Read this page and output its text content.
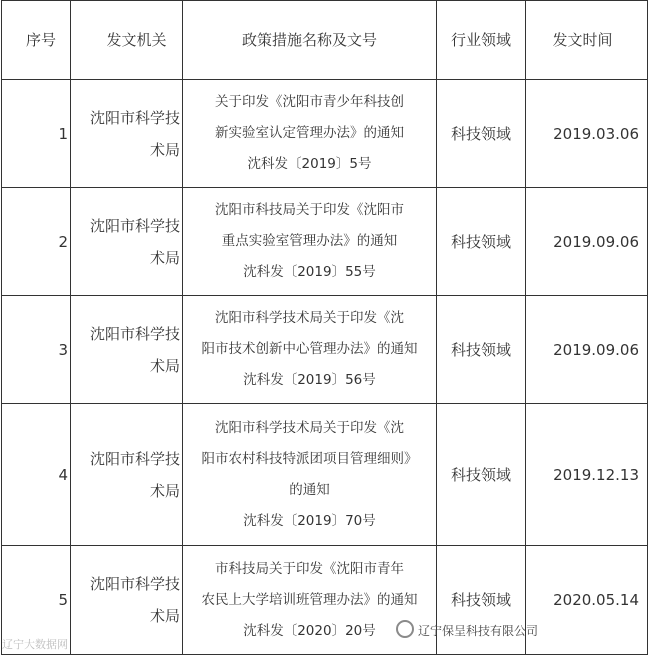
序号	发文机关	政策措施名称及文号	行业领域	发文时间
1	沈阳市科学技术局	关于印发《沈阳市青少年科技创
新实验室认定管理办法》的通知
沈科发〔2019〕5号	科技领域	2019.03.06
2	沈阳市科学技术局	沈阳市科技局关于印发《沈阳市
重点实验室管理办法》的通知
沈科发〔2019〕55号	科技领域	2019.09.06
3	沈阳市科学技术局	沈阳市科学技术局关于印发《沈
阳市技术创新中心管理办法》的通知
沈科发〔2019〕56号	科技领域	2019.09.06
4	沈阳市科学技术局	沈阳市科学技术局关于印发《沈
阳市农村科技特派团项目管理细则》
的通知
沈科发〔2019〕70号	科技领域	2019.12.13
5	沈阳市科学技术局	市科技局关于印发《沈阳市青年
农民上大学培训班管理办法》的通知
沈科发〔2020〕20号	科技领域	2020.05.14
辽宁大数据网
辽宁保呈科技有限公司
